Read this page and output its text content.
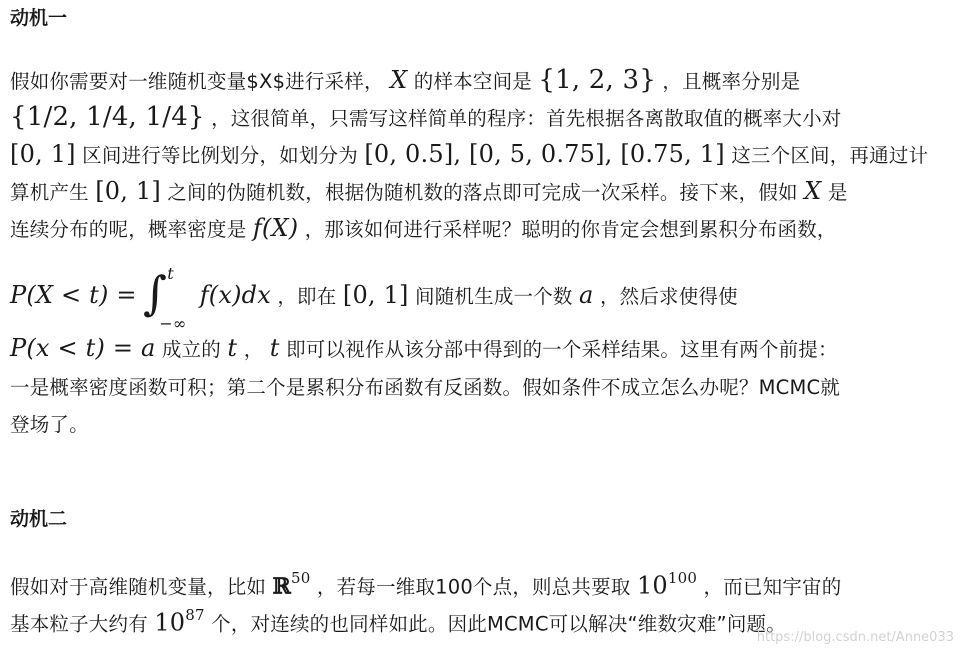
动机一
假如你需要对一维随机变量$X$进行采样， X 的样本空间是 {1, 2, 3} ，且概率分别是
{1/2, 1/4, 1/4} ，这很简单，只需写这样简单的程序：首先根据各离散取值的概率大小对
[0, 1] 区间进行等比例划分，如划分为 [0, 0.5], [0, 5, 0.75], [0.75, 1] 这三个区间，再通过计
算机产生 [0, 1] 之间的伪随机数，根据伪随机数的落点即可完成一次采样。接下来，假如 X 是
连续分布的呢，概率密度是 f(X) ，那该如何进行采样呢？聪明的你肯定会想到累积分布函数，
P(X < t) = ∫ t
−∞
f(x)dx ，即在 [0, 1] 间随机生成一个数 a ，然后求使得使
P(x < t) = a 成立的 t ， t 即可以视作从该分部中得到的一个采样结果。这里有两个前提：
一是概率密度函数可积；第二个是累积分布函数有反函数。假如条件不成立怎么办呢？MCMC就
登场了。
动机二
假如对于高维随机变量，比如 ℝ$^{50}$ ，若每一维取100个点，则总共要取 $10^{100}$ ，而已知宇宙的
基本粒子大约有 $10^{87}$ 个，对连续的也同样如此。因此MCMC可以解决“维数灾难”问题。
https://blog.csdn.net/Anne033
